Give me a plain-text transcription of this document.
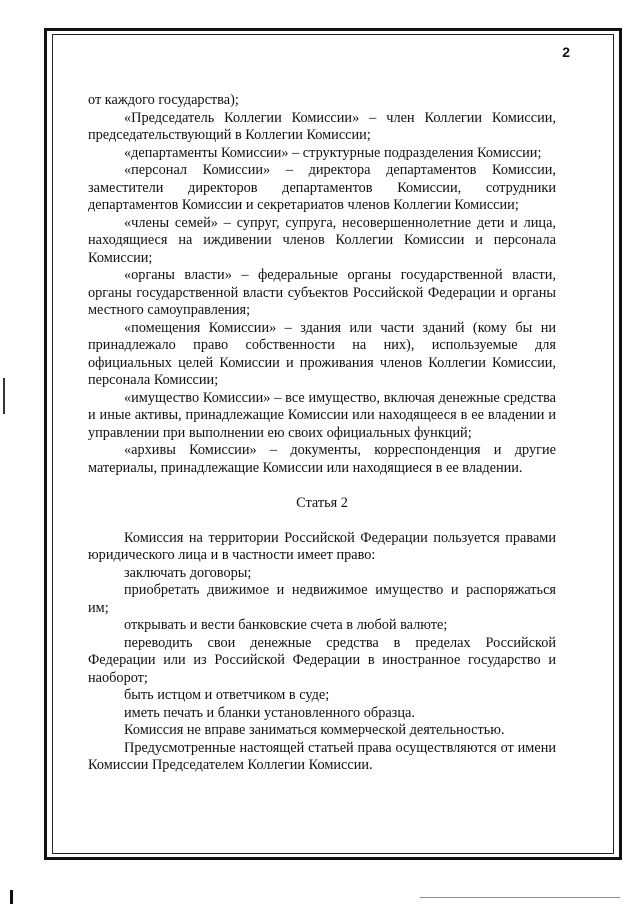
2

от каждого государства);

«Председатель Коллегии Комиссии» – член Коллегии Комиссии, председательствующий в Коллегии Комиссии;

«департаменты Комиссии» – структурные подразделения Комиссии;

«персонал Комиссии» – директора департаментов Комиссии, заместители директоров департаментов Комиссии, сотрудники департаментов Комиссии и секретариатов членов Коллегии Комиссии;

«члены семей» – супруг, супруга, несовершеннолетние дети и лица, находящиеся на иждивении членов Коллегии Комиссии и персонала Комиссии;

«органы власти» – федеральные органы государственной власти, органы государственной власти субъектов Российской Федерации и органы местного самоуправления;

«помещения Комиссии» – здания или части зданий (кому бы ни принадлежало право собственности на них), используемые для официальных целей Комиссии и проживания членов Коллегии Комиссии, персонала Комиссии;

«имущество Комиссии» – все имущество, включая денежные средства и иные активы, принадлежащие Комиссии или находящееся в ее владении и управлении при выполнении ею своих официальных функций;

«архивы Комиссии» – документы, корреспонденция и другие материалы, принадлежащие Комиссии или находящиеся в ее владении.

Статья 2

Комиссия на территории Российской Федерации пользуется правами юридического лица и в частности имеет право:

заключать договоры;

приобретать движимое и недвижимое имущество и распоряжаться им;

открывать и вести банковские счета в любой валюте;

переводить свои денежные средства в пределах Российской Федерации или из Российской Федерации в иностранное государство и наоборот;

быть истцом и ответчиком в суде;

иметь печать и бланки установленного образца.

Комиссия не вправе заниматься коммерческой деятельностью.

Предусмотренные настоящей статьей права осуществляются от имени Комиссии Председателем Коллегии Комиссии.
